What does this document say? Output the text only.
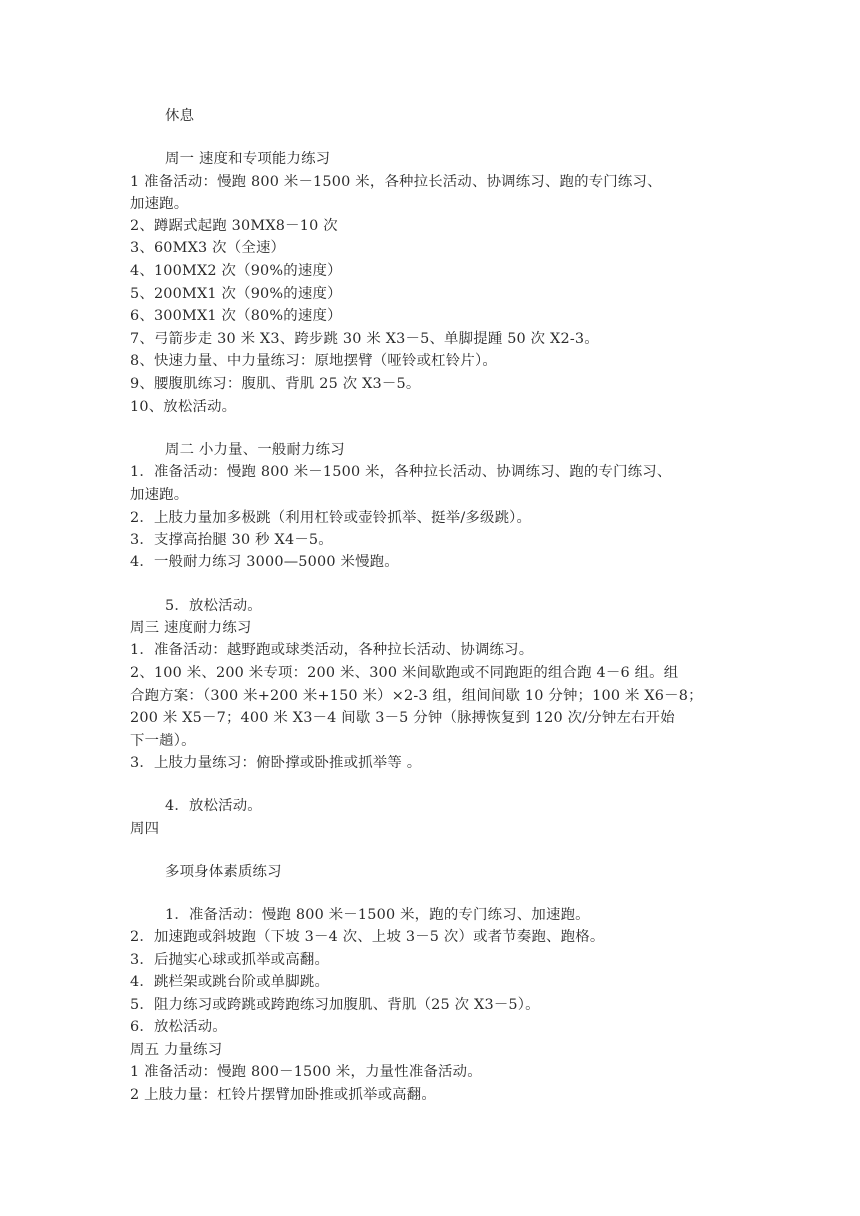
休息
周一 速度和专项能力练习
1 准备活动：慢跑 800 米－1500 米，各种拉长活动、协调练习、跑的专门练习、
加速跑。
2、蹲踞式起跑 30MX8－10 次
3、60MX3 次（全速）
4、100MX2 次（90%的速度）
5、200MX1 次（90%的速度）
6、300MX1 次（80%的速度）
7、弓箭步走 30 米 X3、跨步跳 30 米 X3－5、单脚提踵 50 次 X2-3。
8、快速力量、中力量练习：原地摆臂（哑铃或杠铃片）。
9、腰腹肌练习：腹肌、背肌 25 次 X3－5。
10、放松活动。
周二 小力量、一般耐力练习
1．准备活动：慢跑 800 米－1500 米，各种拉长活动、协调练习、跑的专门练习、
加速跑。
2．上肢力量加多极跳（利用杠铃或壶铃抓举、挺举/多级跳）。
3．支撑高抬腿 30 秒 X4－5。
4．一般耐力练习 3000—5000 米慢跑。
5．放松活动。
周三 速度耐力练习
1．准备活动：越野跑或球类活动，各种拉长活动、协调练习。
2、100 米、200 米专项：200 米、300 米间歇跑或不同跑距的组合跑 4－6 组。组
合跑方案：（300 米+200 米+150 米）×2-3 组，组间间歇 10 分钟；100 米 X6－8；
200 米 X5－7；400 米 X3－4 间歇 3－5 分钟（脉搏恢复到 120 次/分钟左右开始
下一趟）。
3．上肢力量练习：俯卧撑或卧推或抓举等 。
4．放松活动。
周四
多项身体素质练习
1．准备活动：慢跑 800 米－1500 米，跑的专门练习、加速跑。
2．加速跑或斜坡跑（下坡 3－4 次、上坡 3－5 次）或者节奏跑、跑格。
3．后抛实心球或抓举或高翻。
4．跳栏架或跳台阶或单脚跳。
5．阻力练习或跨跳或跨跑练习加腹肌、背肌（25 次 X3－5）。
6．放松活动。
周五 力量练习
1 准备活动：慢跑 800－1500 米，力量性准备活动。
2 上肢力量：杠铃片摆臂加卧推或抓举或高翻。
